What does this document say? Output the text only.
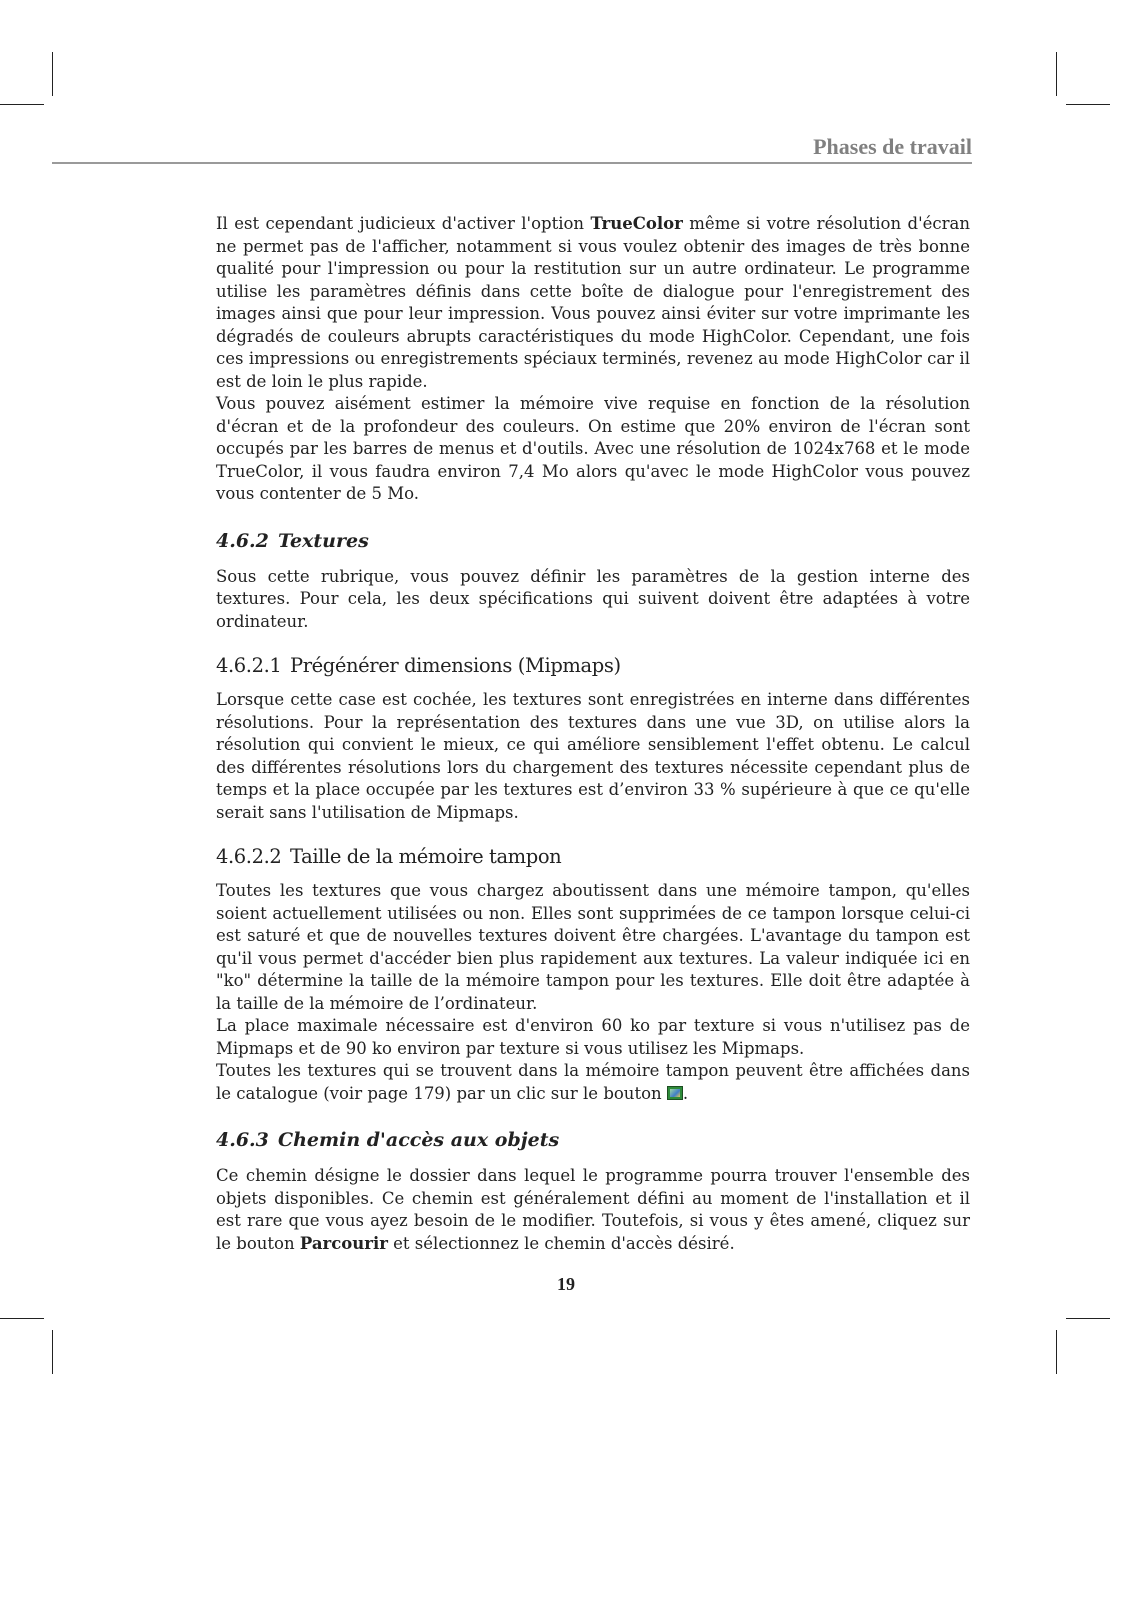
Phases de travail

Il est cependant judicieux d'activer l'option TrueColor même si votre résolution d'écran ne permet pas de l'afficher, notamment si vous voulez obtenir des images de très bonne qualité pour l'impression ou pour la restitution sur un autre ordinateur. Le programme utilise les paramètres définis dans cette boîte de dialogue pour l'enregistrement des images ainsi que pour leur impression. Vous pouvez ainsi éviter sur votre imprimante les dégradés de couleurs abrupts caractéristiques du mode HighColor. Cependant, une fois ces impressions ou enregistrements spéciaux terminés, revenez au mode HighColor car il est de loin le plus rapide.

Vous pouvez aisément estimer la mémoire vive requise en fonction de la résolution d'écran et de la profondeur des couleurs. On estime que 20% environ de l'écran sont occupés par les barres de menus et d'outils. Avec une résolution de 1024x768 et le mode TrueColor, il vous faudra environ 7,4 Mo alors qu'avec le mode HighColor vous pouvez vous contenter de 5 Mo.

4.6.2 Textures

Sous cette rubrique, vous pouvez définir les paramètres de la gestion interne des textures. Pour cela, les deux spécifications qui suivent doivent être adaptées à votre ordinateur.

4.6.2.1 Prégénérer dimensions (Mipmaps)

Lorsque cette case est cochée, les textures sont enregistrées en interne dans différentes résolutions. Pour la représentation des textures dans une vue 3D, on utilise alors la résolution qui convient le mieux, ce qui améliore sensiblement l'effet obtenu. Le calcul des différentes résolutions lors du chargement des textures nécessite cependant plus de temps et la place occupée par les textures est d’environ 33 % supérieure à que ce qu'elle serait sans l'utilisation de Mipmaps.

4.6.2.2 Taille de la mémoire tampon

Toutes les textures que vous chargez aboutissent dans une mémoire tampon, qu'elles soient actuellement utilisées ou non. Elles sont supprimées de ce tampon lorsque celui-ci est saturé et que de nouvelles textures doivent être chargées. L'avantage du tampon est qu'il vous permet d'accéder bien plus rapidement aux textures. La valeur indiquée ici en "ko" détermine la taille de la mémoire tampon pour les textures. Elle doit être adaptée à la taille de la mémoire de l’ordinateur.

La place maximale nécessaire est d'environ 60 ko par texture si vous n'utilisez pas de Mipmaps et de 90 ko environ par texture si vous utilisez les Mipmaps.

Toutes les textures qui se trouvent dans la mémoire tampon peuvent être affichées dans le catalogue (voir page 179) par un clic sur le bouton .

4.6.3 Chemin d'accès aux objets

Ce chemin désigne le dossier dans lequel le programme pourra trouver l'ensemble des objets disponibles. Ce chemin est généralement défini au moment de l'installation et il est rare que vous ayez besoin de le modifier. Toutefois, si vous y êtes amené, cliquez sur le bouton Parcourir et sélectionnez le chemin d'accès désiré.

19
